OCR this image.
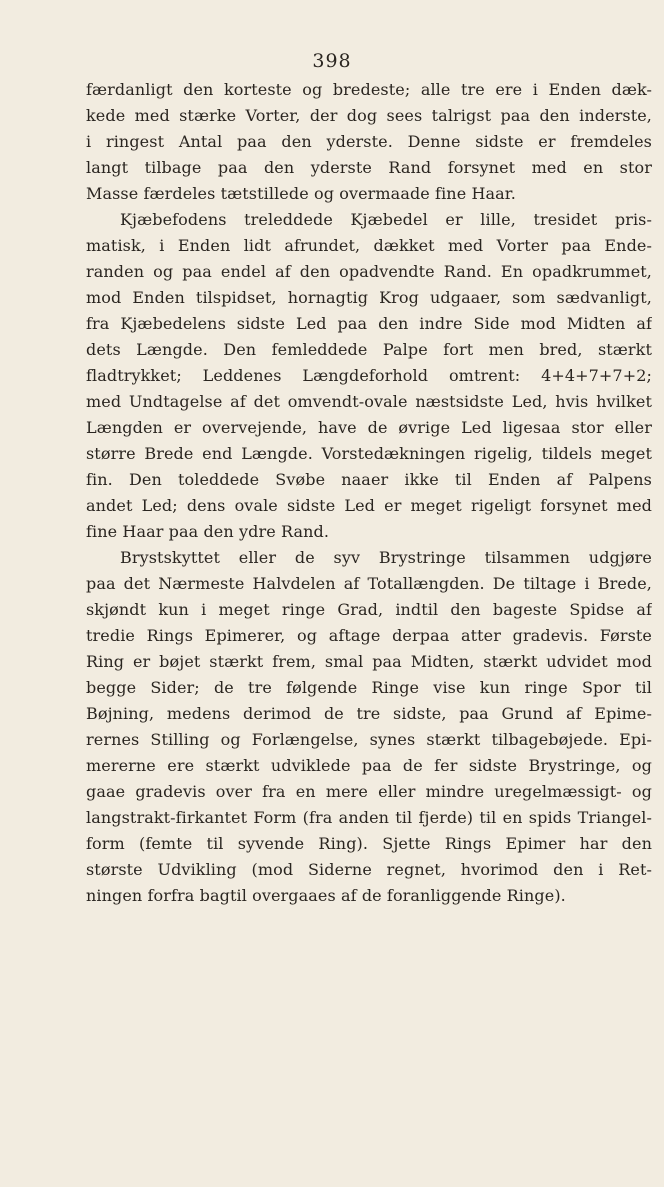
398
færdanligt den korteste og bredeste; alle tre ere i Enden dæk-
kede med stærke Vorter, der dog sees talrigst paa den inderste,
i ringest Antal paa den yderste. Denne sidste er fremdeles
langt tilbage paa den yderste Rand forsynet med en stor
Masse færdeles tætstillede og overmaade fine Haar.
Kjæbefodens treleddede Kjæbedel er lille, tresidet pris-
matisk, i Enden lidt afrundet, dækket med Vorter paa Ende-
randen og paa endel af den opadvendte Rand. En opadkrummet,
mod Enden tilspidset, hornagtig Krog udgaaer, som sædvanligt,
fra Kjæbedelens sidste Led paa den indre Side mod Midten af
dets Længde. Den femleddede Palpe fort men bred, stærkt
fladtrykket; Leddenes Længdeforhold omtrent: 4+4+7+7+2;
med Undtagelse af det omvendt-ovale næstsidste Led, hvis hvilket
Længden er overvejende, have de øvrige Led ligesaa stor eller
større Brede end Længde. Vorstedækningen rigelig, tildels meget
fin. Den toleddede Svøbe naaer ikke til Enden af Palpens
andet Led; dens ovale sidste Led er meget rigeligt forsynet med
fine Haar paa den ydre Rand.
Brystskyttet eller de syv Brystringe tilsammen udgjøre
paa det Nærmeste Halvdelen af Totallængden. De tiltage i Brede,
skjøndt kun i meget ringe Grad, indtil den bageste Spidse af
tredie Rings Epimerer, og aftage derpaa atter gradevis. Første
Ring er bøjet stærkt frem, smal paa Midten, stærkt udvidet mod
begge Sider; de tre følgende Ringe vise kun ringe Spor til
Bøjning, medens derimod de tre sidste, paa Grund af Epime-
rernes Stilling og Forlængelse, synes stærkt tilbagebøjede. Epi-
mererne ere stærkt udviklede paa de fer sidste Brystringe, og
gaae gradevis over fra en mere eller mindre uregelmæssigt- og
langstrakt-firkantet Form (fra anden til fjerde) til en spids Triangel-
form (femte til syvende Ring). Sjette Rings Epimer har den
største Udvikling (mod Siderne regnet, hvorimod den i Ret-
ningen forfra bagtil overgaaes af de foranliggende Ringe).
